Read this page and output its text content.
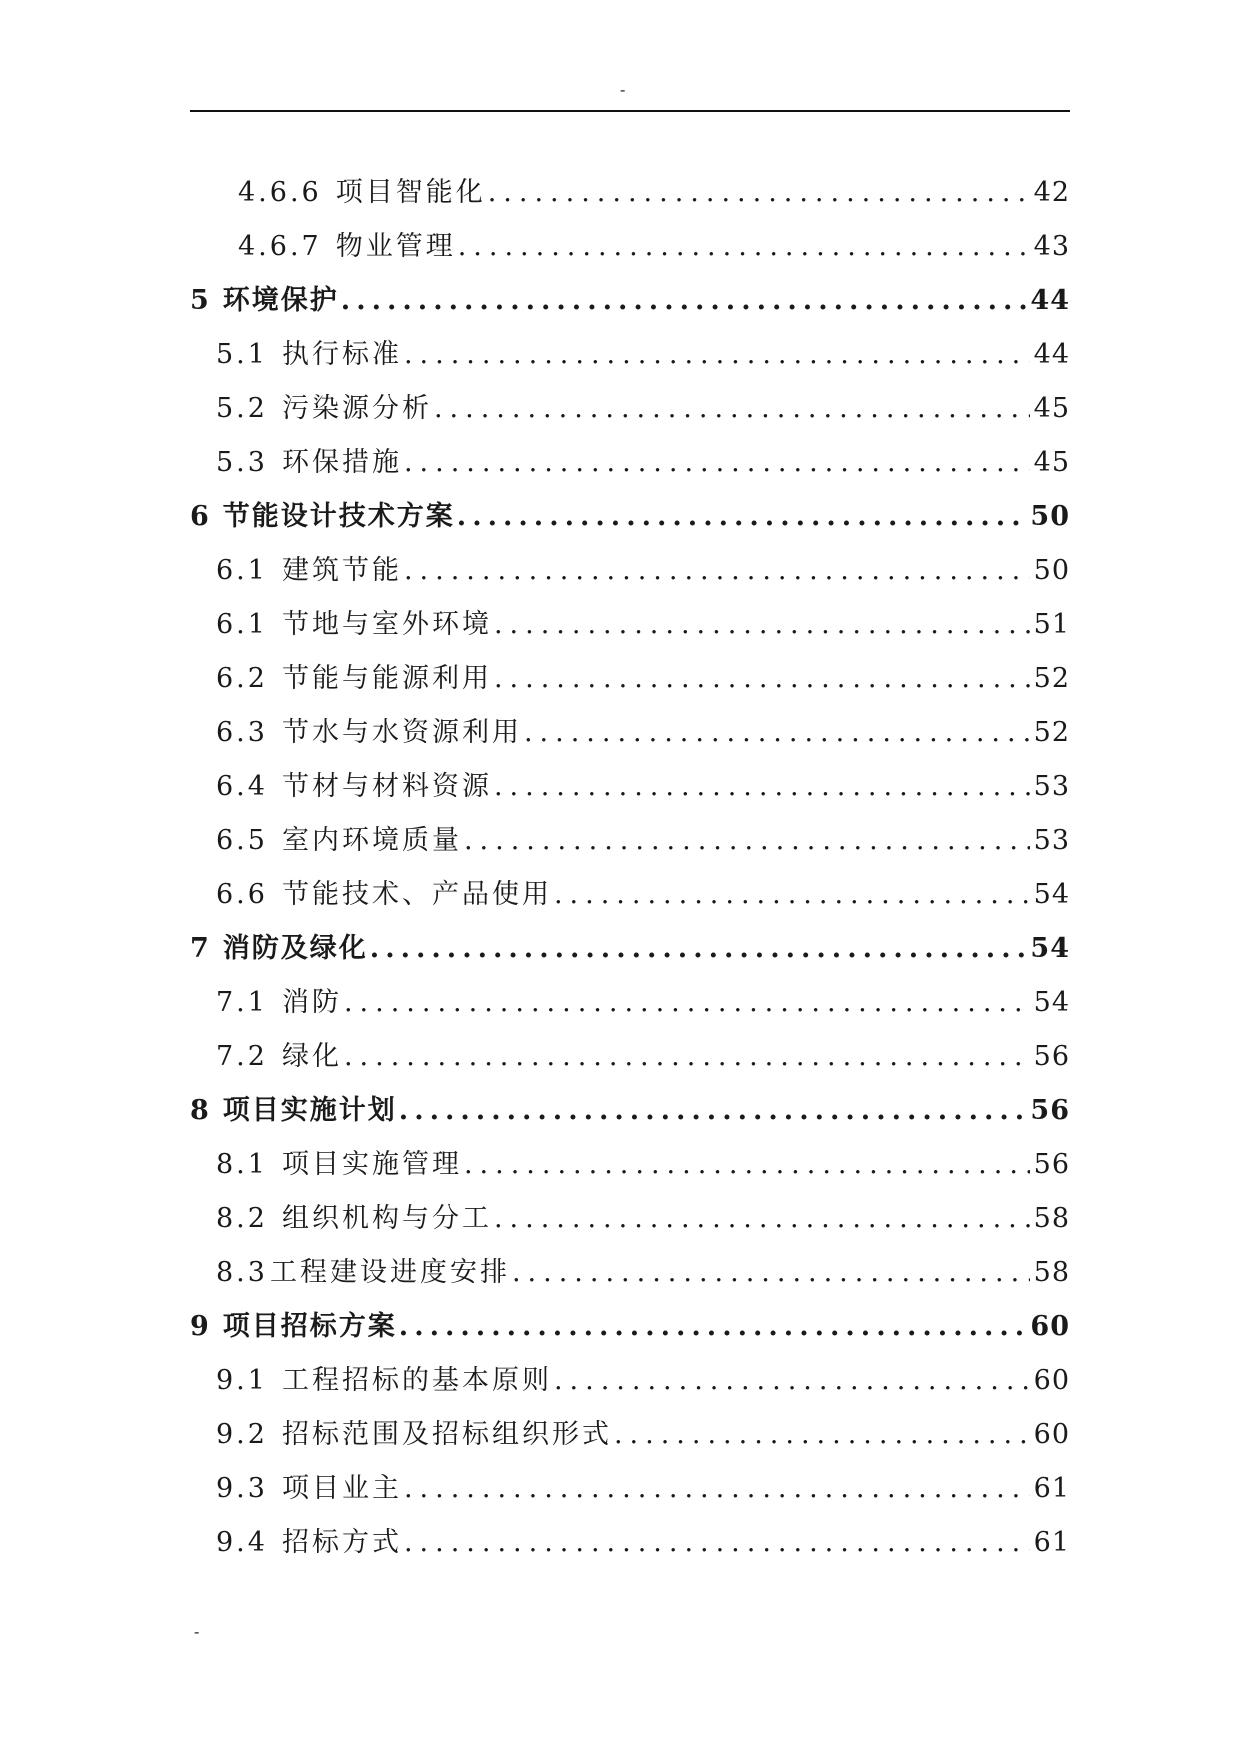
-
4.6.6 项目智能化 .....	42
4.6.7 物业管理 .....	43
5 环境保护 .....	44
5.1 执行标准 .....	44
5.2 污染源分析 .....	45
5.3 环保措施 .....	45
6 节能设计技术方案 .....	50
6.1 建筑节能 .....	50
6.1 节地与室外环境 .....	51
6.2 节能与能源利用 .....	52
6.3 节水与水资源利用 .....	52
6.4 节材与材料资源 .....	53
6.5 室内环境质量 .....	53
6.6 节能技术、产品使用 .....	54
7 消防及绿化 .....	54
7.1 消防 .....	54
7.2 绿化 .....	56
8 项目实施计划 .....	56
8.1 项目实施管理 .....	56
8.2 组织机构与分工 .....	58
8.3 工程建设进度安排 .....	58
9 项目招标方案 .....	60
9.1 工程招标的基本原则 .....	60
9.2 招标范围及招标组织形式 .....	60
9.3 项目业主 .....	61
9.4 招标方式 .....	61
-
